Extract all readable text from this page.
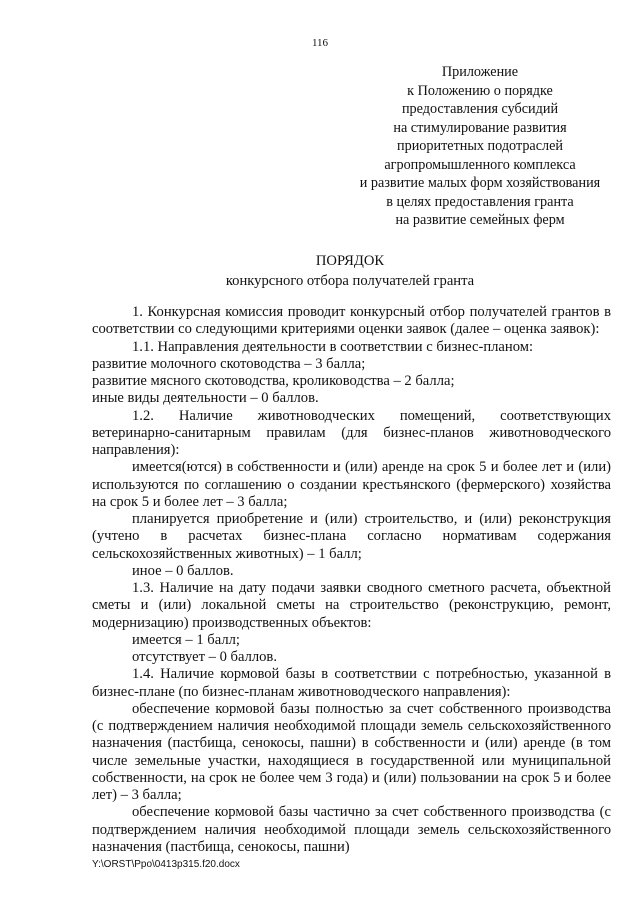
116
Приложение
к Положению о порядке
предоставления субсидий
на стимулирование развития
приоритетных подотраслей
агропромышленного комплекса
и развитие малых форм хозяйствования
в целях предоставления гранта
на развитие семейных ферм
ПОРЯДОК
конкурсного отбора получателей гранта

1. Конкурсная комиссия проводит конкурсный отбор получателей грантов в соответствии со следующими критериями оценки заявок (далее – оценка заявок):

1.1. Направления деятельности в соответствии с бизнес-планом:

развитие молочного скотоводства – 3 балла;

развитие мясного скотоводства, кролиководства – 2 балла;

иные виды деятельности – 0 баллов.

1.2. Наличие животноводческих помещений, соответствующих ветеринарно-санитарным правилам (для бизнес-планов животноводческого направления):

имеется(ются) в собственности и (или) аренде на срок 5 и более лет и (или) используются по соглашению о создании крестьянского (фермерского) хозяйства на срок 5 и более лет – 3 балла;

планируется приобретение и (или) строительство, и (или) реконструкция (учтено в расчетах бизнес-плана согласно нормативам содержания сельскохозяйственных животных) – 1 балл;

иное – 0 баллов.

1.3. Наличие на дату подачи заявки сводного сметного расчета, объектной сметы и (или) локальной сметы на строительство (реконструкцию, ремонт, модернизацию) производственных объектов:

имеется – 1 балл;

отсутствует – 0 баллов.

1.4. Наличие кормовой базы в соответствии с потребностью, указанной в бизнес-плане (по бизнес-планам животноводческого направления):

обеспечение кормовой базы полностью за счет собственного производства (с подтверждением наличия необходимой площади земель сельскохозяйственного назначения (пастбища, сенокосы, пашни) в собственности и (или) аренде (в том числе земельные участки, находящиеся в государственной или муниципальной собственности, на срок не более чем 3 года) и (или) пользовании на срок 5 и более лет) – 3 балла;

обеспечение кормовой базы частично за счет собственного производства (с подтверждением наличия необходимой площади земель сельскохозяйственного назначения (пастбища, сенокосы, пашни)

Y:\ORST\Ppo\0413p315.f20.docx
